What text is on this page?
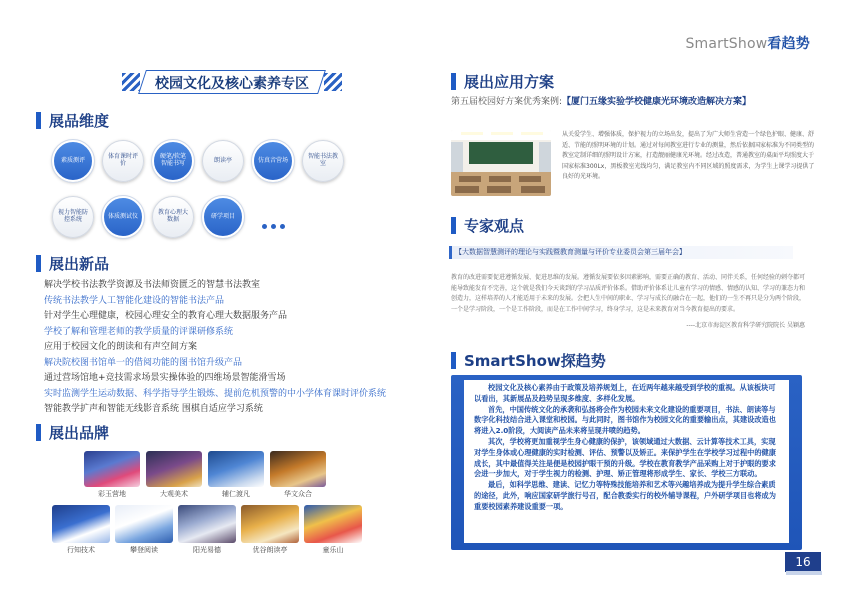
SmartShow看趋势
校园文化及核心素养专区
展品维度
素质测评	体育课时评价
硬笔/软笔智能书写	朗读亭	仿真音营场	智能书法教室
视力智能防控系统	体质测试仪	教育心理大数据	研学项目
展出新品
解决学校书法教学资源及书法师资匮乏的智慧书法教室
传统书法教学人工智能化建设的智能书法产品
针对学生心理健康，校园心理安全的教育心理大数据服务产品
学校了解和管理老师的教学质量的评课研修系统
应用于校园文化的朗读和有声空间方案
解决院校图书馆单一的借阅功能的图书馆升级产品
通过营场馆地+竞技需求场景实操体验的四维场景智能滑雪场
实时监测学生运动数据、科学指导学生锻炼、提前危机预警的中小学体育课时评价系统
智能教学扩声和智能无线影音系统 围棋自适应学习系统
展出品牌
彩玉营地	大观美术	辅仁渡凡	华文众合
行知技术	攀登阅读	阳光易德	优谷朗读亭	童乐山
展出应用方案
第五届校园好方案优秀案例:【厦门五缘实验学校健康光环境改造解决方案】
从关爱学生、增强体质，保护视力的立场出发，提出了为广大师生营造一个绿色护眼、健康、舒适、节能的照明环境的计划。通过对每间教室进行专业的测量，然后依据国家标准为不同类型的教室定制详细的照明设计方案，打造靓丽健康光环境。经过改造，普通教室的桌面平均照度大于国家标准300Lx，黑板教室光线均匀，满足教室内不同区域的照度需求，为学生上课学习提供了良好的光环境。
专家观点
【大数据智慧测评的理论与实践暨教育测量与评价专业委员会第三届年会】
教育的改进需要促进遵循发展、促进思维的发展。遵循发展要依多因素影响，需要正确的教育、活动、同伴关系，任何经验的刺夺都可能导致能发育不完善，这个就是我们今天谈到的学习品质评价体系。借助评价体系让儿童有学习的情感、情感的认知、学习的兼态力和创造力，这样培养的人才能适用于未来的发展。会把人生中间的职业、学习与成长的融合在一起，他们的一生不再只是分为两个阶段，一个是学习阶段，一个是工作阶段，而是在工作中间学习，终身学习，这是未来教育对当今教育提出的要求。
----北京市海淀区教育科学研究院院长 吴颖惠
SmartShow探趋势

校园文化及核心素养由于政策及培养规划上，在近两年越来越受到学校的重视。从该板块可以看出，其新展品及趋势呈现多维度、多样化发展。

首先，中国传统文化的承袭和弘扬将会作为校园未来文化建设的重要项目，书法、朗读等与数字化科技结合进入课堂和校园。与此同时，图书馆作为校园文化的重要输出点，其建设改造也将进入2.0阶段，大阅读产品未来将呈现井喷的趋势。

其次，学校将更加重视学生身心健康的保护，该领域通过大数据、云计算等技术工具，实现对学生身体或心理健康的实时检测、评估、预警以及矫正。来保护学生在学校学习过程中的健康成长，其中最值得关注是便是校园护眼干预的升级。学校在教育教学产品采购上对于护眼的要求会进一步加大，对于学生视力的检测、护理、矫正管理将形成学生、家长、学校三方联动。

最后，如科学思维、建读、记忆力等特殊技能培养和艺术等兴趣培养成为提升学生综合素质的途径，此外，响应国家研学旅行号召，配合教委实行的校外辅导课程，户外研学项目也将成为重要校园素养建设重要一项。

16
